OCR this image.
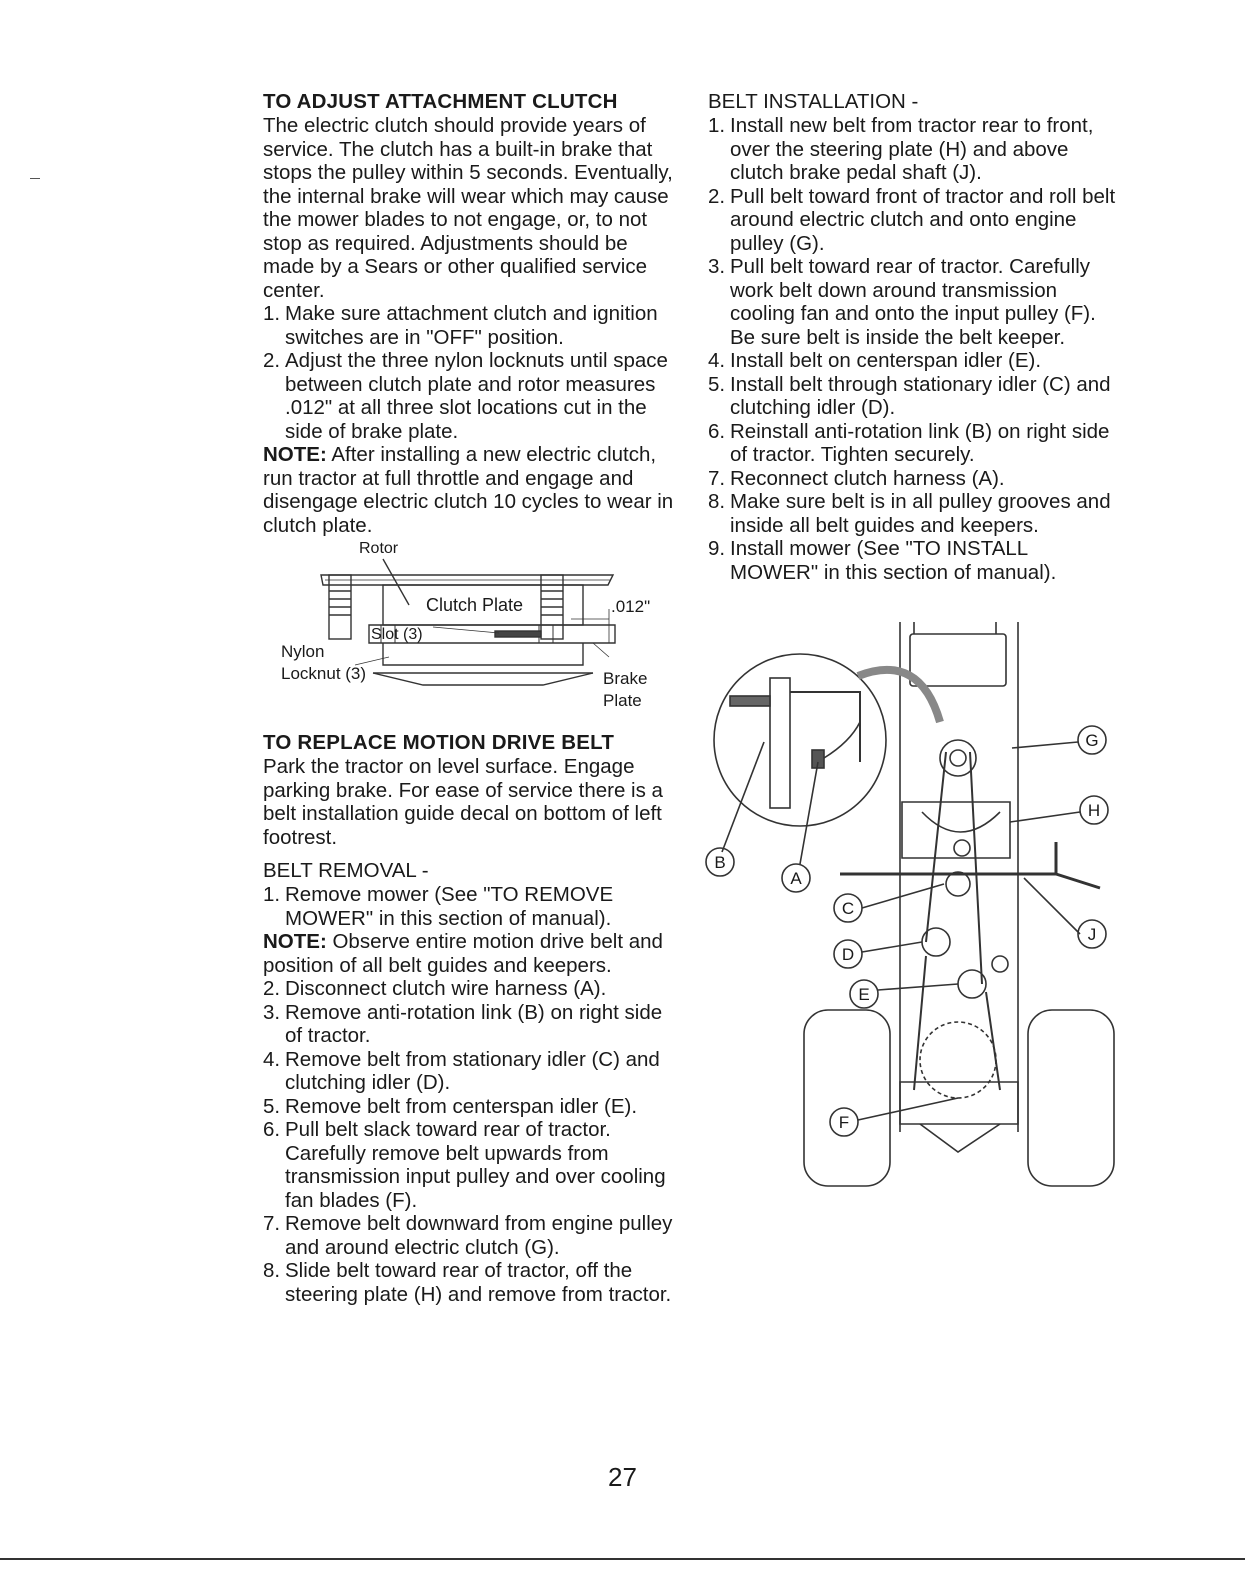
TO ADJUST ATTACHMENT CLUTCH

The electric clutch should provide years of service. The clutch has a built-in brake that stops the pulley within 5 seconds. Eventually, the internal brake will wear which may cause the mower blades to not engage, or, to not stop as required. Adjustments should be made by a Sears or other qualified service center.

1. Make sure attachment clutch and ignition switches are in "OFF" position.
2. Adjust the three nylon locknuts until space between clutch plate and rotor measures .012" at all three slot locations cut in the side of brake plate.

NOTE: After installing a new electric clutch, run tractor at full throttle and engage and disengage electric clutch 10 cycles to wear in clutch plate.

Rotor
Clutch Plate	.012"
Slot (3)
Nylon
Locknut (3)	Brake
Plate
TO REPLACE MOTION DRIVE BELT

Park the tractor on level surface. Engage parking brake. For ease of service there is a belt installation guide decal on bottom of left footrest.

BELT REMOVAL -

1. Remove mower (See "TO REMOVE MOWER" in this section of manual).

NOTE: Observe entire motion drive belt and position of all belt guides and keepers.

2. Disconnect clutch wire harness (A).
3. Remove anti-rotation link (B) on right side of tractor.
4. Remove belt from stationary idler (C) and clutching idler (D).
5. Remove belt from centerspan idler (E).
6. Pull belt slack toward rear of tractor. Carefully remove belt upwards from transmission input pulley and over cooling fan blades (F).
7. Remove belt downward from engine pulley and around electric clutch (G).
8. Slide belt toward rear of tractor, off the steering plate (H) and remove from tractor.

BELT INSTALLATION -

1. Install new belt from tractor rear to front, over the steering plate (H) and above clutch brake pedal shaft (J).
2. Pull belt toward front of tractor and roll belt around electric clutch and onto engine pulley (G).
3. Pull belt toward rear of tractor. Carefully work belt down around transmission cooling fan and onto the input pulley (F). Be sure belt is inside the belt keeper.
4. Install belt on centerspan idler (E).
5. Install belt through stationary idler (C) and clutching idler (D).
6. Reinstall anti-rotation link (B) on right side of tractor. Tighten securely.
7. Reconnect clutch harness (A).
8. Make sure belt is in all pulley grooves and inside all belt guides and keepers.
9. Install mower (See "TO INSTALL MOWER" in this section of manual).
G
H
B
A
C
D
E
J
F
27
